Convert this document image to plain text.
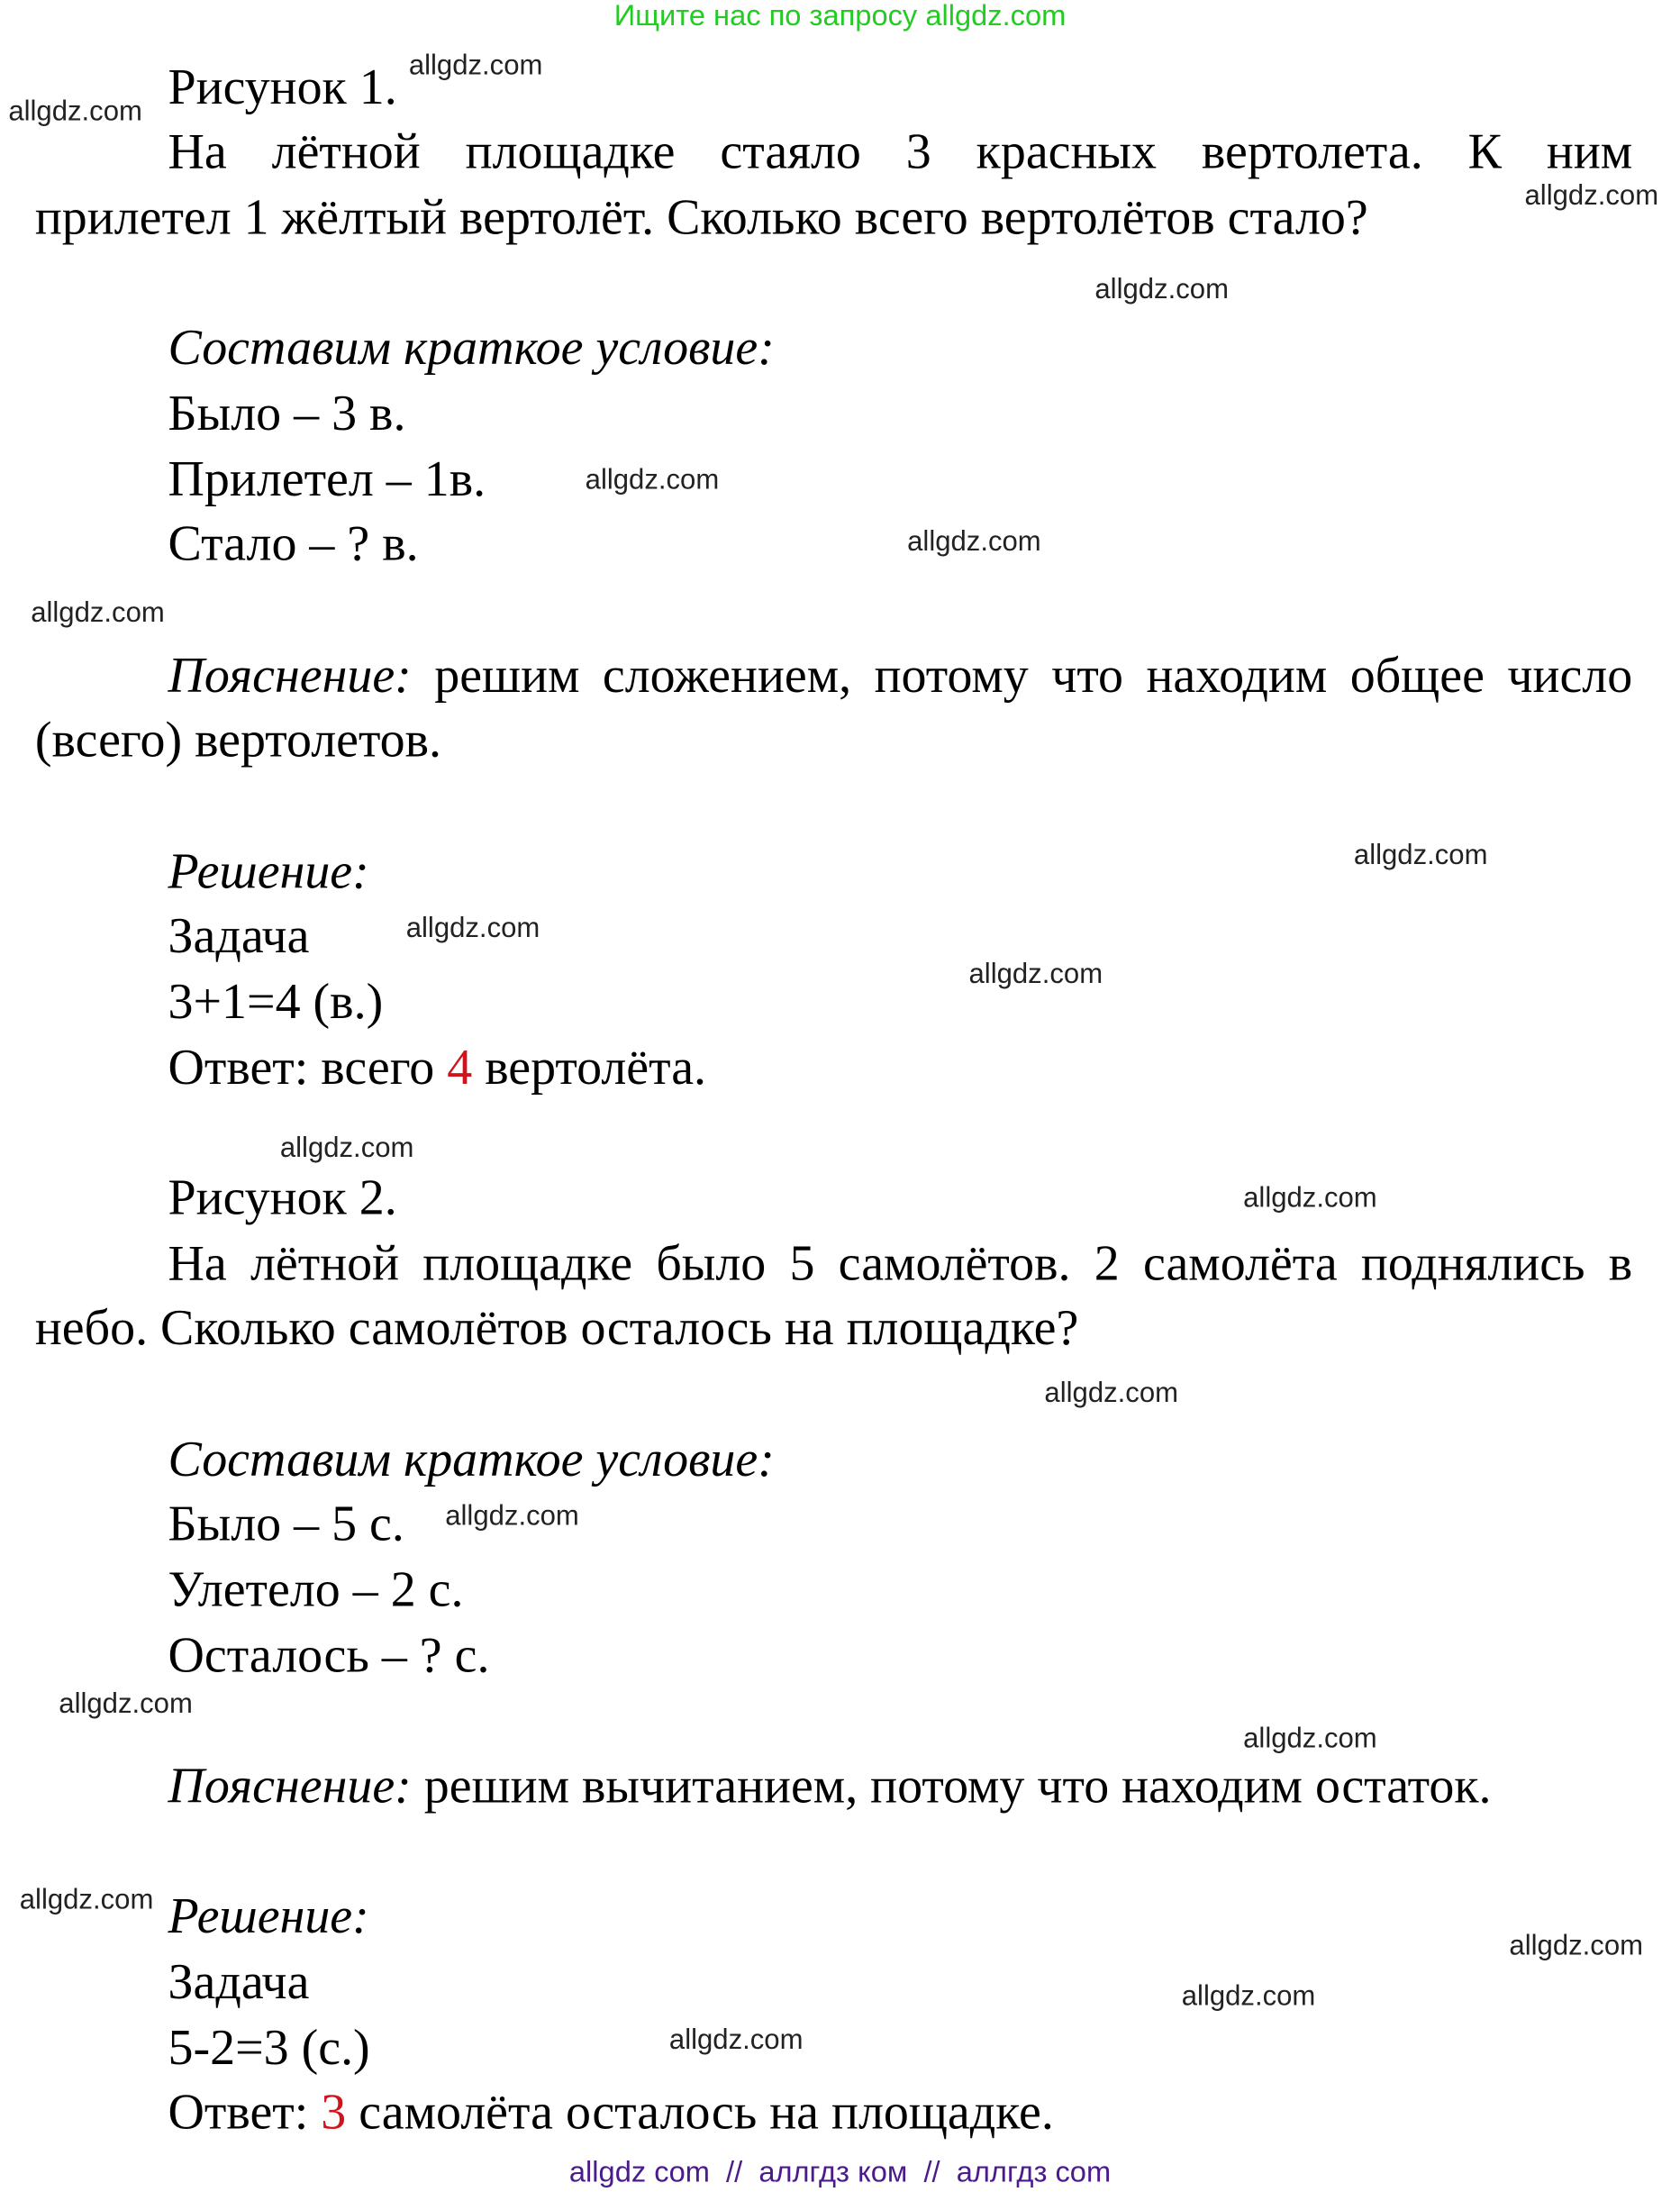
Ищите нас по запросу allgdz.com
Рисунок 1.
На лётной площадке стаяло 3 красных вертолета. К ним
прилетел 1 жёлтый вертолёт. Сколько всего вертолётов стало?
Составим краткое условие:
Было – 3 в.
Прилетел – 1в.
Стало – ? в.
Пояснение: решим сложением, потому что находим общее число
(всего) вертолетов.
Решение:
Задача
3+1=4 (в.)
Ответ: всего 4 вертолёта.
Рисунок 2.
На лётной площадке было 5 самолётов. 2 самолёта поднялись в
небо. Сколько самолётов осталось на площадке?
Составим краткое условие:
Было – 5 с.
Улетело – 2 с.
Осталось – ? с.
Пояснение: решим вычитанием, потому что находим остаток.
Решение:
Задача
5-2=3 (с.)
Ответ: 3 самолёта осталось на площадке.
allgdz.com
allgdz.com
allgdz.com
allgdz.com
allgdz.com
allgdz.com
allgdz.com
allgdz.com
allgdz.com
allgdz.com
allgdz.com
allgdz.com
allgdz.com
allgdz.com
allgdz.com
allgdz.com
allgdz.com
allgdz.com
allgdz.com
allgdz.com
allgdz com  //  аллгдз ком  //  аллгдз com
